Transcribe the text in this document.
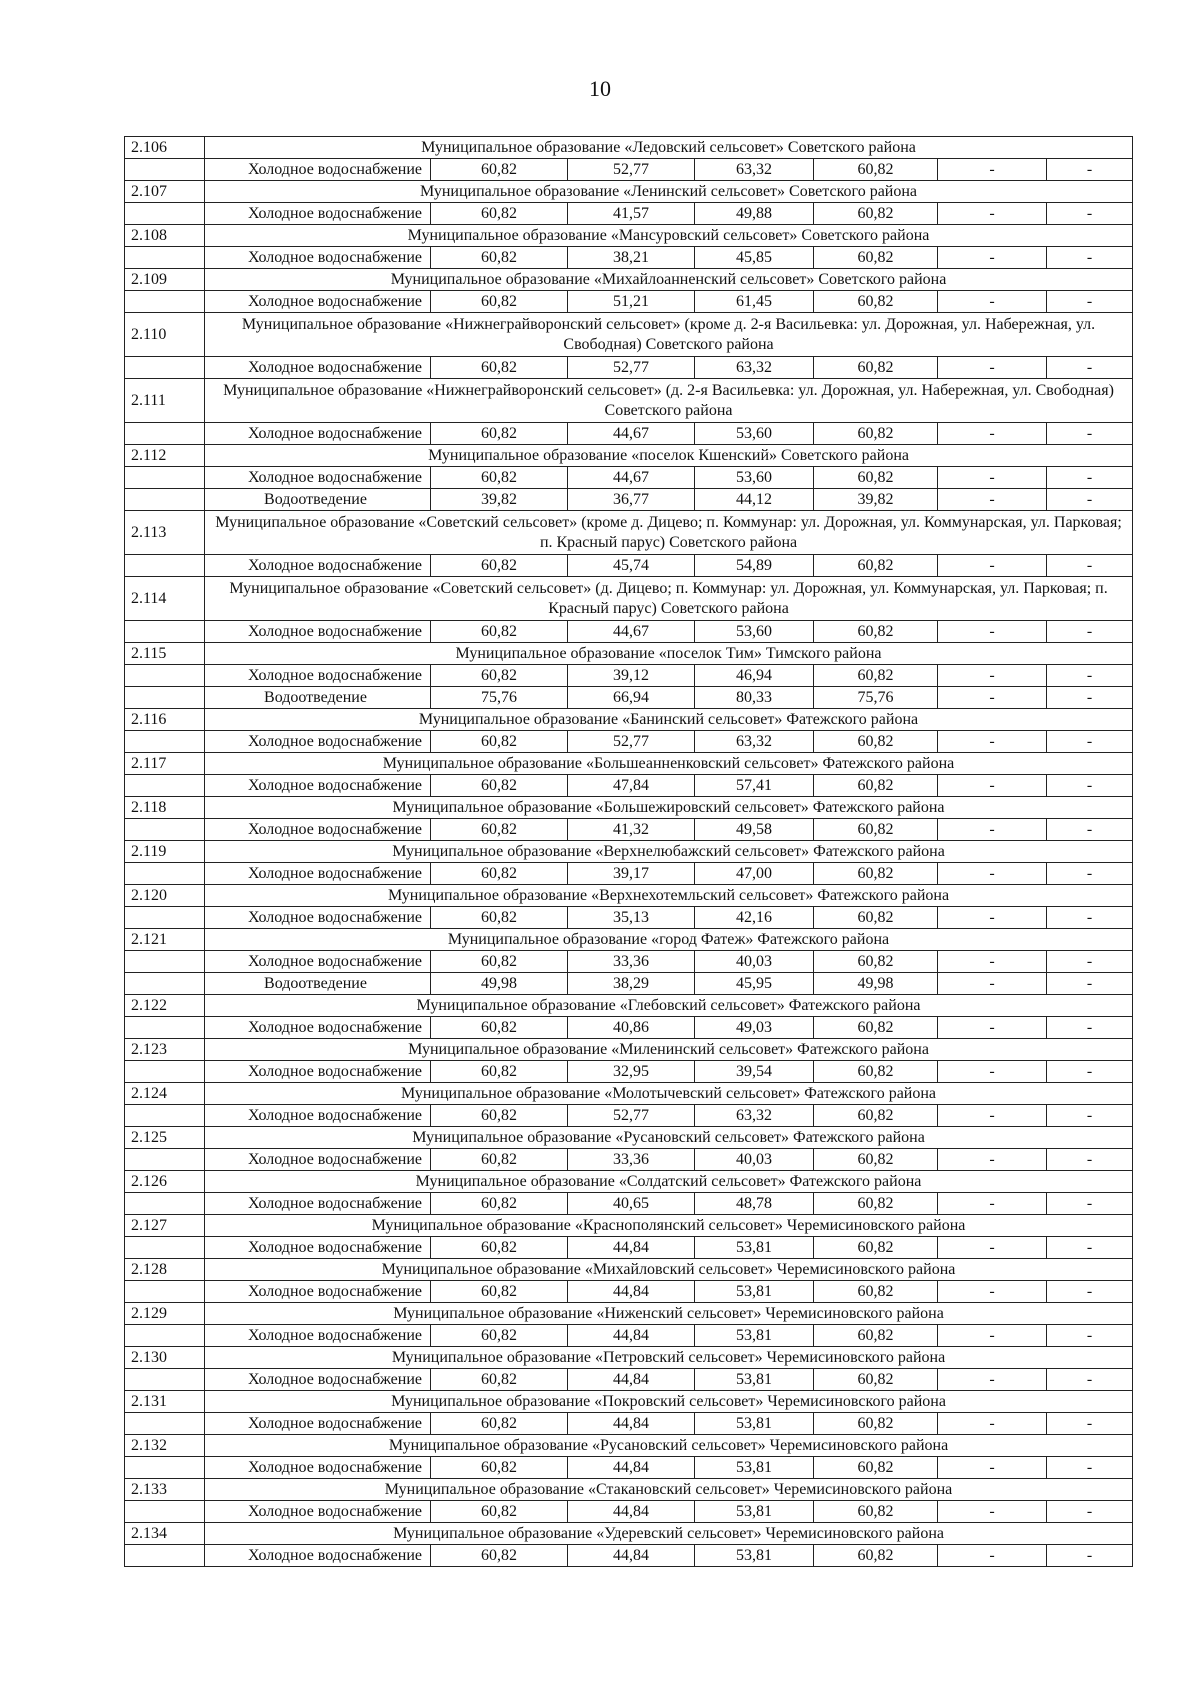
10
2.106	Муниципальное образование «Ледовский сельсовет» Советского района						
	Холодное водоснабжение	60,82	52,77	63,32	60,82	-	-
2.107	Муниципальное образование «Ленинский сельсовет» Советского района						
	Холодное водоснабжение	60,82	41,57	49,88	60,82	-	-
2.108	Муниципальное образование «Мансуровский сельсовет» Советского района						
	Холодное водоснабжение	60,82	38,21	45,85	60,82	-	-
2.109	Муниципальное образование «Михайлоанненский сельсовет» Советского района						
	Холодное водоснабжение	60,82	51,21	61,45	60,82	-	-
2.110	Муниципальное образование «Нижнеграйворонский сельсовет» (кроме д. 2-я Васильевка: ул. Дорожная, ул. Набережная, ул. Свободная) Советского района						
	Холодное водоснабжение	60,82	52,77	63,32	60,82	-	-
2.111	Муниципальное образование «Нижнеграйворонский сельсовет» (д. 2-я Васильевка: ул. Дорожная, ул. Набережная, ул. Свободная) Советского района						
	Холодное водоснабжение	60,82	44,67	53,60	60,82	-	-
2.112	Муниципальное образование «поселок Кшенский» Советского района						
	Холодное водоснабжение	60,82	44,67	53,60	60,82	-	-
	Водоотведение	39,82	36,77	44,12	39,82	-	-
2.113	Муниципальное образование «Советский сельсовет» (кроме д. Дицево; п. Коммунар: ул. Дорожная, ул. Коммунарская, ул. Парковая; п. Красный парус) Советского района						
	Холодное водоснабжение	60,82	45,74	54,89	60,82	-	-
2.114	Муниципальное образование «Советский сельсовет» (д. Дицево; п. Коммунар: ул. Дорожная, ул. Коммунарская, ул. Парковая; п. Красный парус) Советского района						
	Холодное водоснабжение	60,82	44,67	53,60	60,82	-	-
2.115	Муниципальное образование «поселок Тим» Тимского района						
	Холодное водоснабжение	60,82	39,12	46,94	60,82	-	-
	Водоотведение	75,76	66,94	80,33	75,76	-	-
2.116	Муниципальное образование «Банинский сельсовет» Фатежского района						
	Холодное водоснабжение	60,82	52,77	63,32	60,82	-	-
2.117	Муниципальное образование «Большеанненковский сельсовет» Фатежского района						
	Холодное водоснабжение	60,82	47,84	57,41	60,82	-	-
2.118	Муниципальное образование «Большежировский сельсовет» Фатежского района						
	Холодное водоснабжение	60,82	41,32	49,58	60,82	-	-
2.119	Муниципальное образование «Верхнелюбажский сельсовет» Фатежского района						
	Холодное водоснабжение	60,82	39,17	47,00	60,82	-	-
2.120	Муниципальное образование «Верхнехотемльский сельсовет» Фатежского района						
	Холодное водоснабжение	60,82	35,13	42,16	60,82	-	-
2.121	Муниципальное образование «город Фатеж» Фатежского района						
	Холодное водоснабжение	60,82	33,36	40,03	60,82	-	-
	Водоотведение	49,98	38,29	45,95	49,98	-	-
2.122	Муниципальное образование «Глебовский сельсовет» Фатежского района						
	Холодное водоснабжение	60,82	40,86	49,03	60,82	-	-
2.123	Муниципальное образование «Миленинский сельсовет» Фатежского района						
	Холодное водоснабжение	60,82	32,95	39,54	60,82	-	-
2.124	Муниципальное образование «Молотычевский сельсовет» Фатежского района						
	Холодное водоснабжение	60,82	52,77	63,32	60,82	-	-
2.125	Муниципальное образование «Русановский сельсовет» Фатежского района						
	Холодное водоснабжение	60,82	33,36	40,03	60,82	-	-
2.126	Муниципальное образование «Солдатский сельсовет» Фатежского района						
	Холодное водоснабжение	60,82	40,65	48,78	60,82	-	-
2.127	Муниципальное образование «Краснополянский сельсовет» Черемисиновского района						
	Холодное водоснабжение	60,82	44,84	53,81	60,82	-	-
2.128	Муниципальное образование «Михайловский сельсовет» Черемисиновского района						
	Холодное водоснабжение	60,82	44,84	53,81	60,82	-	-
2.129	Муниципальное образование «Ниженский сельсовет» Черемисиновского района						
	Холодное водоснабжение	60,82	44,84	53,81	60,82	-	-
2.130	Муниципальное образование «Петровский сельсовет» Черемисиновского района						
	Холодное водоснабжение	60,82	44,84	53,81	60,82	-	-
2.131	Муниципальное образование «Покровский сельсовет» Черемисиновского района						
	Холодное водоснабжение	60,82	44,84	53,81	60,82	-	-
2.132	Муниципальное образование «Русановский сельсовет» Черемисиновского района						
	Холодное водоснабжение	60,82	44,84	53,81	60,82	-	-
2.133	Муниципальное образование «Стакановский сельсовет» Черемисиновского района						
	Холодное водоснабжение	60,82	44,84	53,81	60,82	-	-
2.134	Муниципальное образование «Удеревский сельсовет» Черемисиновского района						
	Холодное водоснабжение	60,82	44,84	53,81	60,82	-	-
